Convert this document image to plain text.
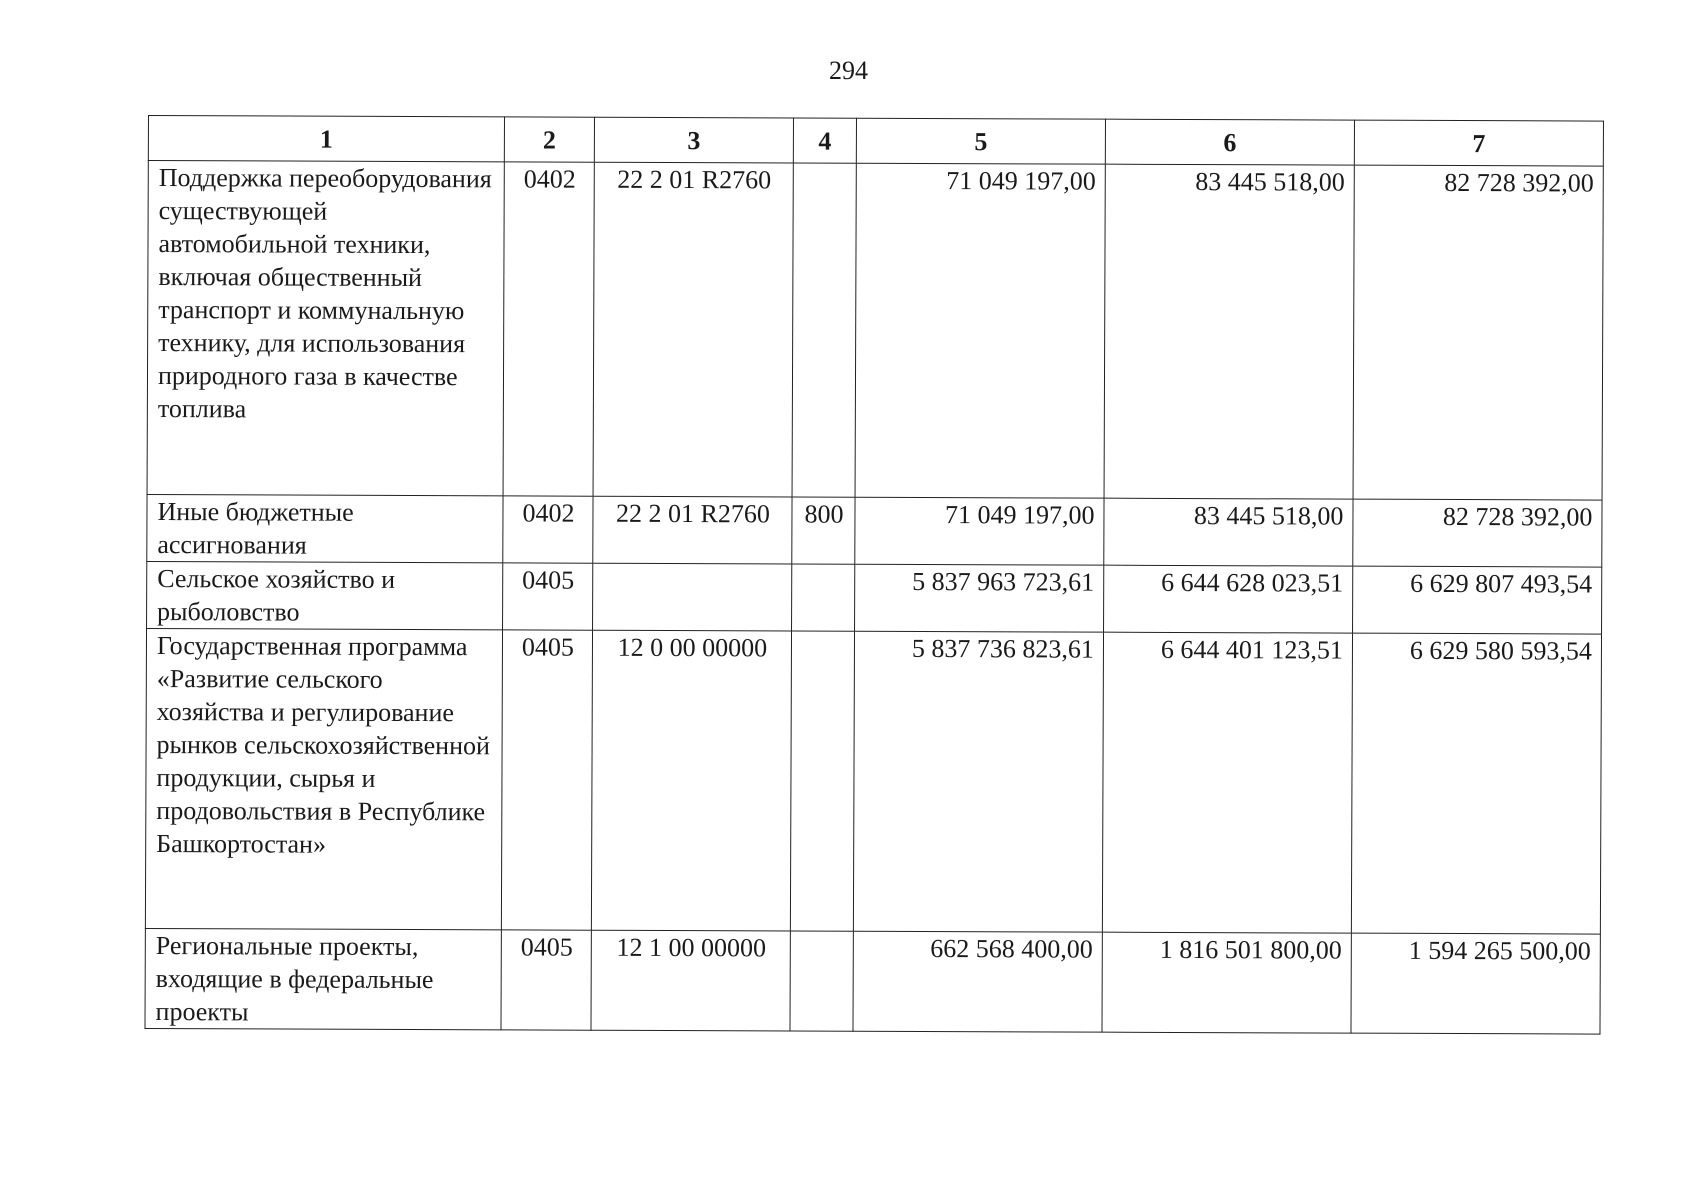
294
1	2	3	4	5	6	7
Поддержка переоборудования существующей автомобильной техники, включая общественный транспорт и коммунальную технику, для использования природного газа в качестве топлива	0402	22 2 01 R2760		71 049 197,00	83 445 518,00	82 728 392,00
Иные бюджетные ассигнования	0402	22 2 01 R2760	800	71 049 197,00	83 445 518,00	82 728 392,00
Сельское хозяйство и рыболовство	0405			5 837 963 723,61	6 644 628 023,51	6 629 807 493,54
Государственная программа «Развитие сельского хозяйства и регулирование рынков сельскохозяйственной продукции, сырья и продовольствия в Республике Башкортостан»	0405	12 0 00 00000		5 837 736 823,61	6 644 401 123,51	6 629 580 593,54
Региональные проекты, входящие в федеральные проекты	0405	12 1 00 00000		662 568 400,00	1 816 501 800,00	1 594 265 500,00
